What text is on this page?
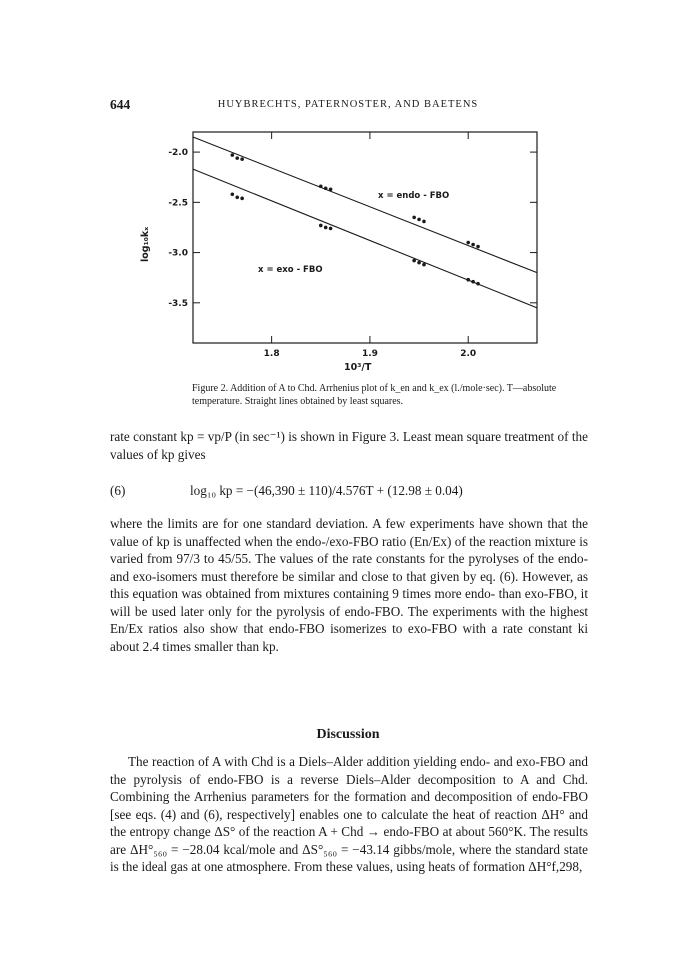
644	HUYBRECHTS, PATERNOSTER, AND BAETENS
1.8	1.9	2.0
-2.0
-2.5
-3.0
-3.5
x = endo - FBO
x = exo - FBO
10³/T
log₁₀kₓ
Figure 2. Addition of A to Chd. Arrhenius plot of k_en and k_ex (l./mole·sec). T—absolute temperature. Straight lines obtained by least squares.
rate constant kp = vp/P (in sec⁻¹) is shown in Figure 3. Least mean square treatment of the values of kp gives
(6)	log₁₀ kp = −(46,390 ± 110)/4.576T + (12.98 ± 0.04)
where the limits are for one standard deviation. A few experiments have shown that the value of kp is unaffected when the endo-/exo-FBO ratio (En/Ex) of the reaction mixture is varied from 97/3 to 45/55. The values of the rate constants for the pyrolyses of the endo- and exo-isomers must therefore be similar and close to that given by eq. (6). However, as this equation was obtained from mixtures containing 9 times more endo- than exo-FBO, it will be used later only for the pyrolysis of endo-FBO. The experiments with the highest En/Ex ratios also show that endo-FBO isomerizes to exo-FBO with a rate constant ki about 2.4 times smaller than kp.
Discussion
The reaction of A with Chd is a Diels–Alder addition yielding endo- and exo-FBO and the pyrolysis of endo-FBO is a reverse Diels–Alder decomposition to A and Chd. Combining the Arrhenius parameters for the formation and decomposition of endo-FBO [see eqs. (4) and (6), respectively] enables one to calculate the heat of reaction ΔH° and the entropy change ΔS° of the reaction A + Chd → endo-FBO at about 560°K. The results are ΔH°₅₆₀ = −28.04 kcal/mole and ΔS°₅₆₀ = −43.14 gibbs/mole, where the standard state is the ideal gas at one atmosphere. From these values, using heats of formation ΔH°f,298,
